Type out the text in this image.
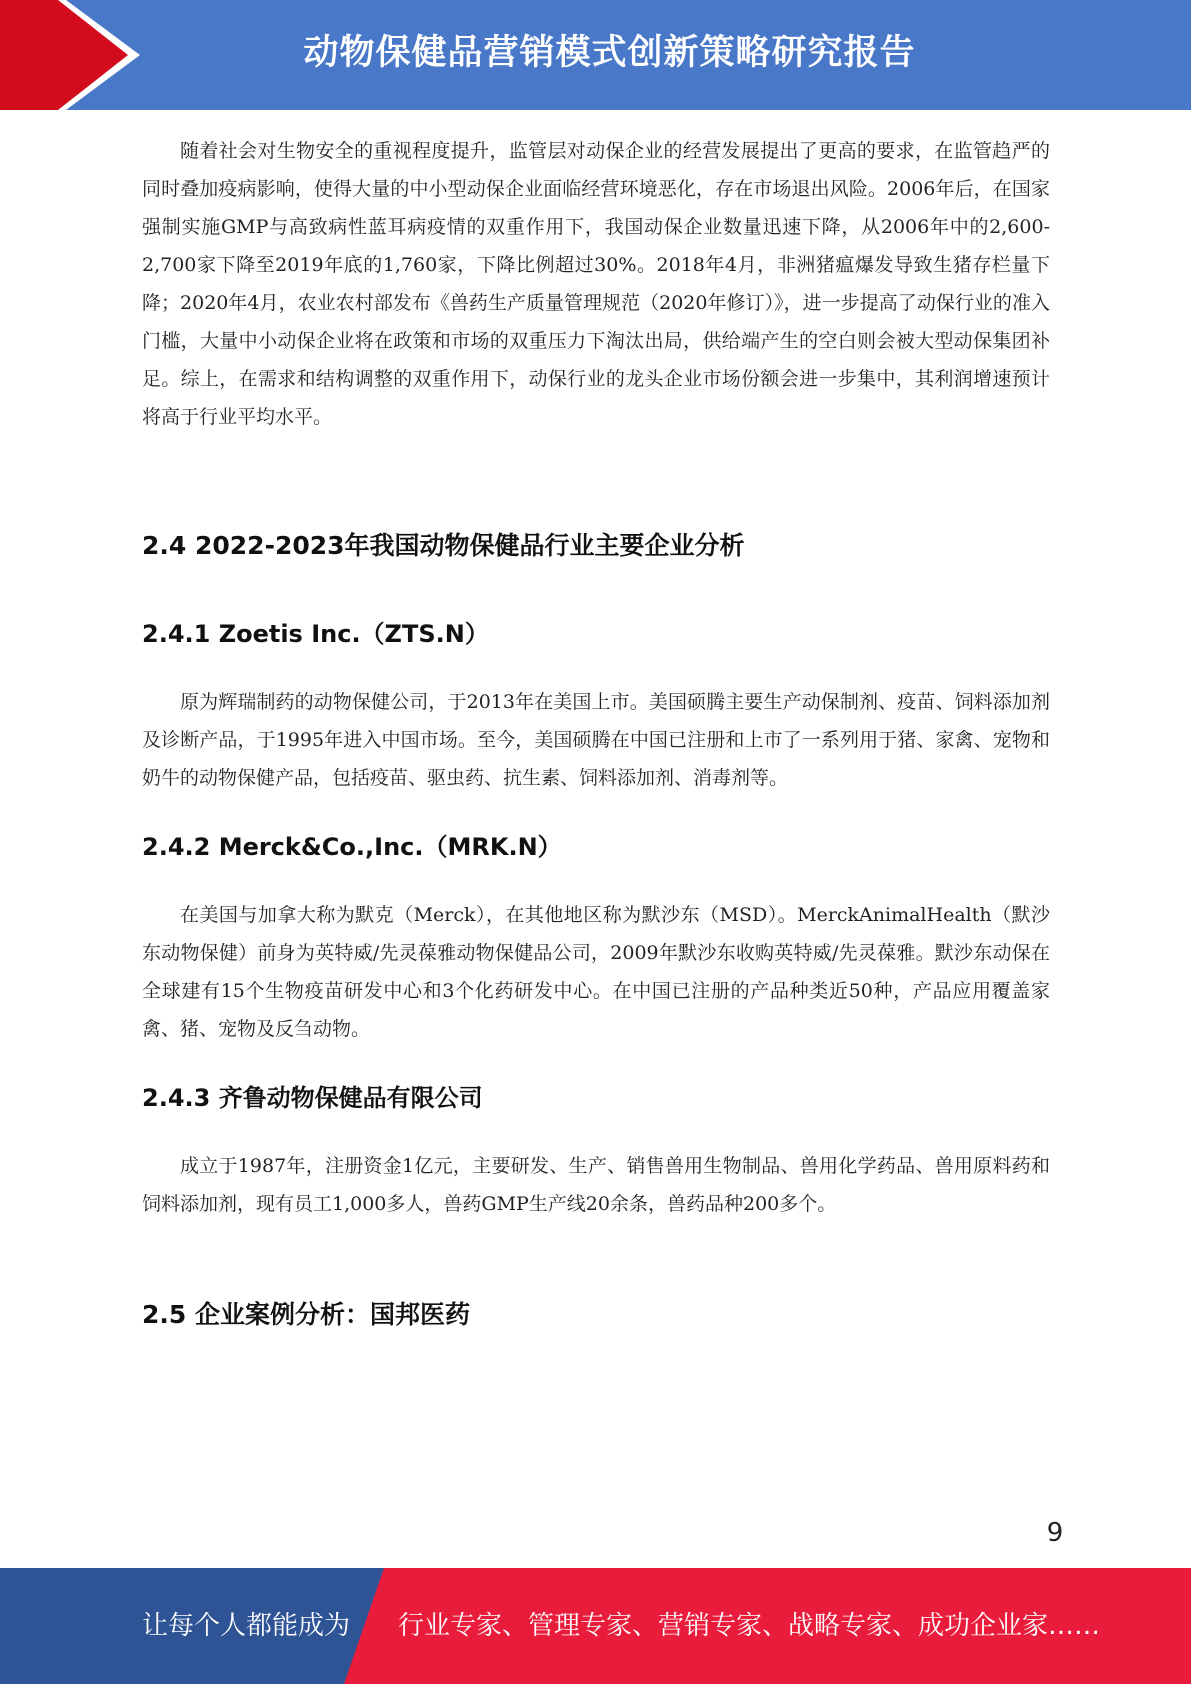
动物保健品营销模式创新策略研究报告

随着社会对生物安全的重视程度提升，监管层对动保企业的经营发展提出了更高的要求，在监管趋严的同时叠加疫病影响，使得大量的中小型动保企业面临经营环境恶化，存在市场退出风险。2006年后，在国家强制实施GMP与高致病性蓝耳病疫情的双重作用下，我国动保企业数量迅速下降，从2006年中的2,600-2,700家下降至2019年底的1,760家，下降比例超过30%。2018年4月，非洲猪瘟爆发导致生猪存栏量下降；2020年4月，农业农村部发布《兽药生产质量管理规范（2020年修订）》，进一步提高了动保行业的准入门槛，大量中小动保企业将在政策和市场的双重压力下淘汰出局，供给端产生的空白则会被大型动保集团补足。综上，在需求和结构调整的双重作用下，动保行业的龙头企业市场份额会进一步集中，其利润增速预计将高于行业平均水平。

2.4 2022-2023年我国动物保健品行业主要企业分析
2.4.1 Zoetis Inc.（ZTS.N）

原为辉瑞制药的动物保健公司，于2013年在美国上市。美国硕腾主要生产动保制剂、疫苗、饲料添加剂及诊断产品，于1995年进入中国市场。至今，美国硕腾在中国已注册和上市了一系列用于猪、家禽、宠物和奶牛的动物保健产品，包括疫苗、驱虫药、抗生素、饲料添加剂、消毒剂等。

2.4.2 Merck&Co.,Inc.（MRK.N）

在美国与加拿大称为默克（Merck），在其他地区称为默沙东（MSD）。MerckAnimalHealth（默沙东动物保健）前身为英特威/先灵葆雅动物保健品公司，2009年默沙东收购英特威/先灵葆雅。默沙东动保在全球建有15个生物疫苗研发中心和3个化药研发中心。在中国已注册的产品种类近50种，产品应用覆盖家禽、猪、宠物及反刍动物。

2.4.3 齐鲁动物保健品有限公司

成立于1987年，注册资金1亿元，主要研发、生产、销售兽用生物制品、兽用化学药品、兽用原料药和饲料添加剂，现有员工1,000多人，兽药GMP生产线20余条，兽药品种200多个。

2.5 企业案例分析：国邦医药
9
让每个人都能成为 行业专家、管理专家、营销专家、战略专家、成功企业家……
